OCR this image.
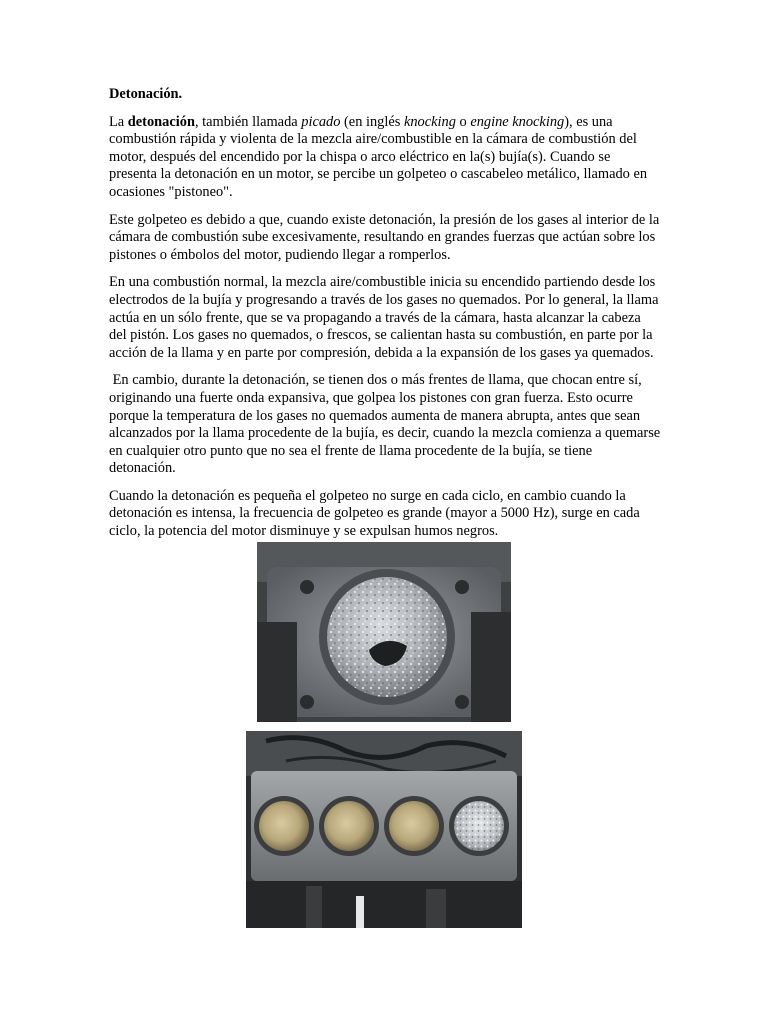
Detonación.

La detonación, también llamada picado (en inglés knocking o engine knocking), es una combustión rápida y violenta de la mezcla aire/combustible en la cámara de combustión del motor, después del encendido por la chispa o arco eléctrico en la(s) bujía(s). Cuando se presenta la detonación en un motor, se percibe un golpeteo o cascabeleo metálico, llamado en ocasiones "pistoneo".

Este golpeteo es debido a que, cuando existe detonación, la presión de los gases al interior de la cámara de combustión sube excesivamente, resultando en grandes fuerzas que actúan sobre los pistones o émbolos del motor, pudiendo llegar a romperlos.

En una combustión normal, la mezcla aire/combustible inicia su encendido partiendo desde los electrodos de la bujía y progresando a través de los gases no quemados. Por lo general, la llama actúa en un sólo frente, que se va propagando a través de la cámara, hasta alcanzar la cabeza del pistón. Los gases no quemados, o frescos, se calientan hasta su combustión, en parte por la acción de la llama y en parte por compresión, debida a la expansión de los gases ya quemados.

En cambio, durante la detonación, se tienen dos o más frentes de llama, que chocan entre sí, originando una fuerte onda expansiva, que golpea los pistones con gran fuerza. Esto ocurre porque la temperatura de los gases no quemados aumenta de manera abrupta, antes que sean alcanzados por la llama procedente de la bujía, es decir, cuando la mezcla comienza a quemarse en cualquier otro punto que no sea el frente de llama procedente de la bujía, se tiene detonación.

Cuando la detonación es pequeña el golpeteo no surge en cada ciclo, en cambio cuando la detonación es intensa, la frecuencia de golpeteo es grande (mayor a 5000 Hz), surge en cada ciclo, la potencia del motor disminuye y se expulsan humos negros.
